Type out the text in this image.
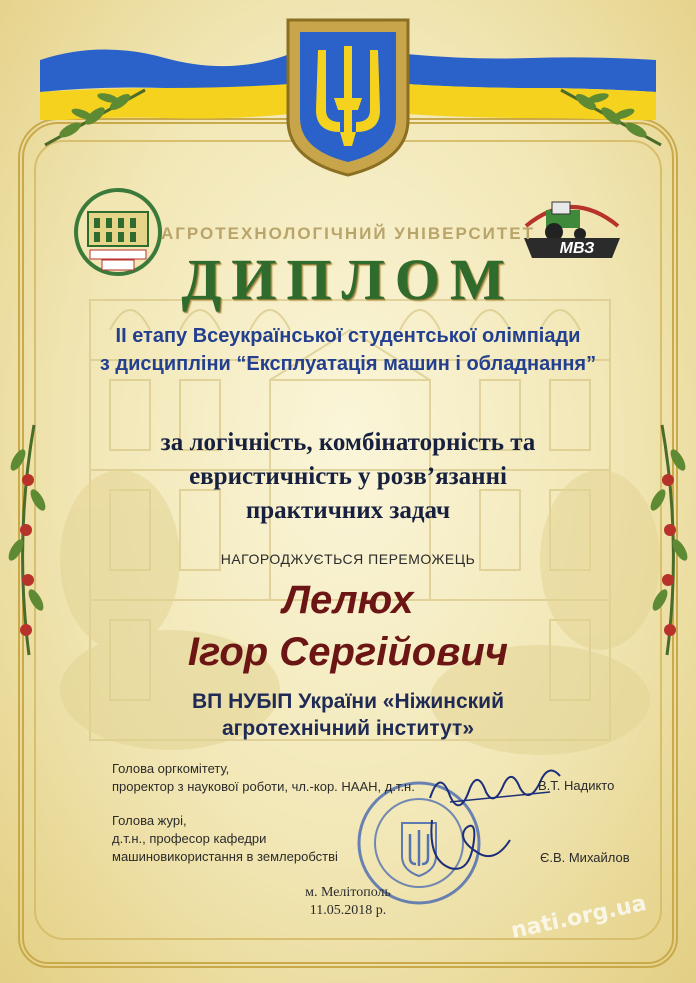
МВЗ
АГРОТЕХНОЛОГІЧНИЙ УНІВЕРСИТЕТ
ДИПЛОМ
ІІ етапу Всеукраїнської студентської олімпіади
з дисципліни “Експлуатація машин і обладнання”
за логічність, комбінаторність та
евристичність у розв’язанні
практичних задач
НАГОРОДЖУЄТЬСЯ ПЕРЕМОЖЕЦЬ
Лелюх
Ігор Сергійович
ВП НУБІП України «Ніжинский
агротехнічний інститут»
Голова оргкомітету,
проректор з наукової роботи, чл.-кор. НААН, д.т.н.	В.Т. Надикто
Голова журі,
д.т.н., професор кафедри
машиновикористання в землеробстві	Є.В. Михайлов
м. Мелітополь
11.05.2018 р.	nati.org.ua
